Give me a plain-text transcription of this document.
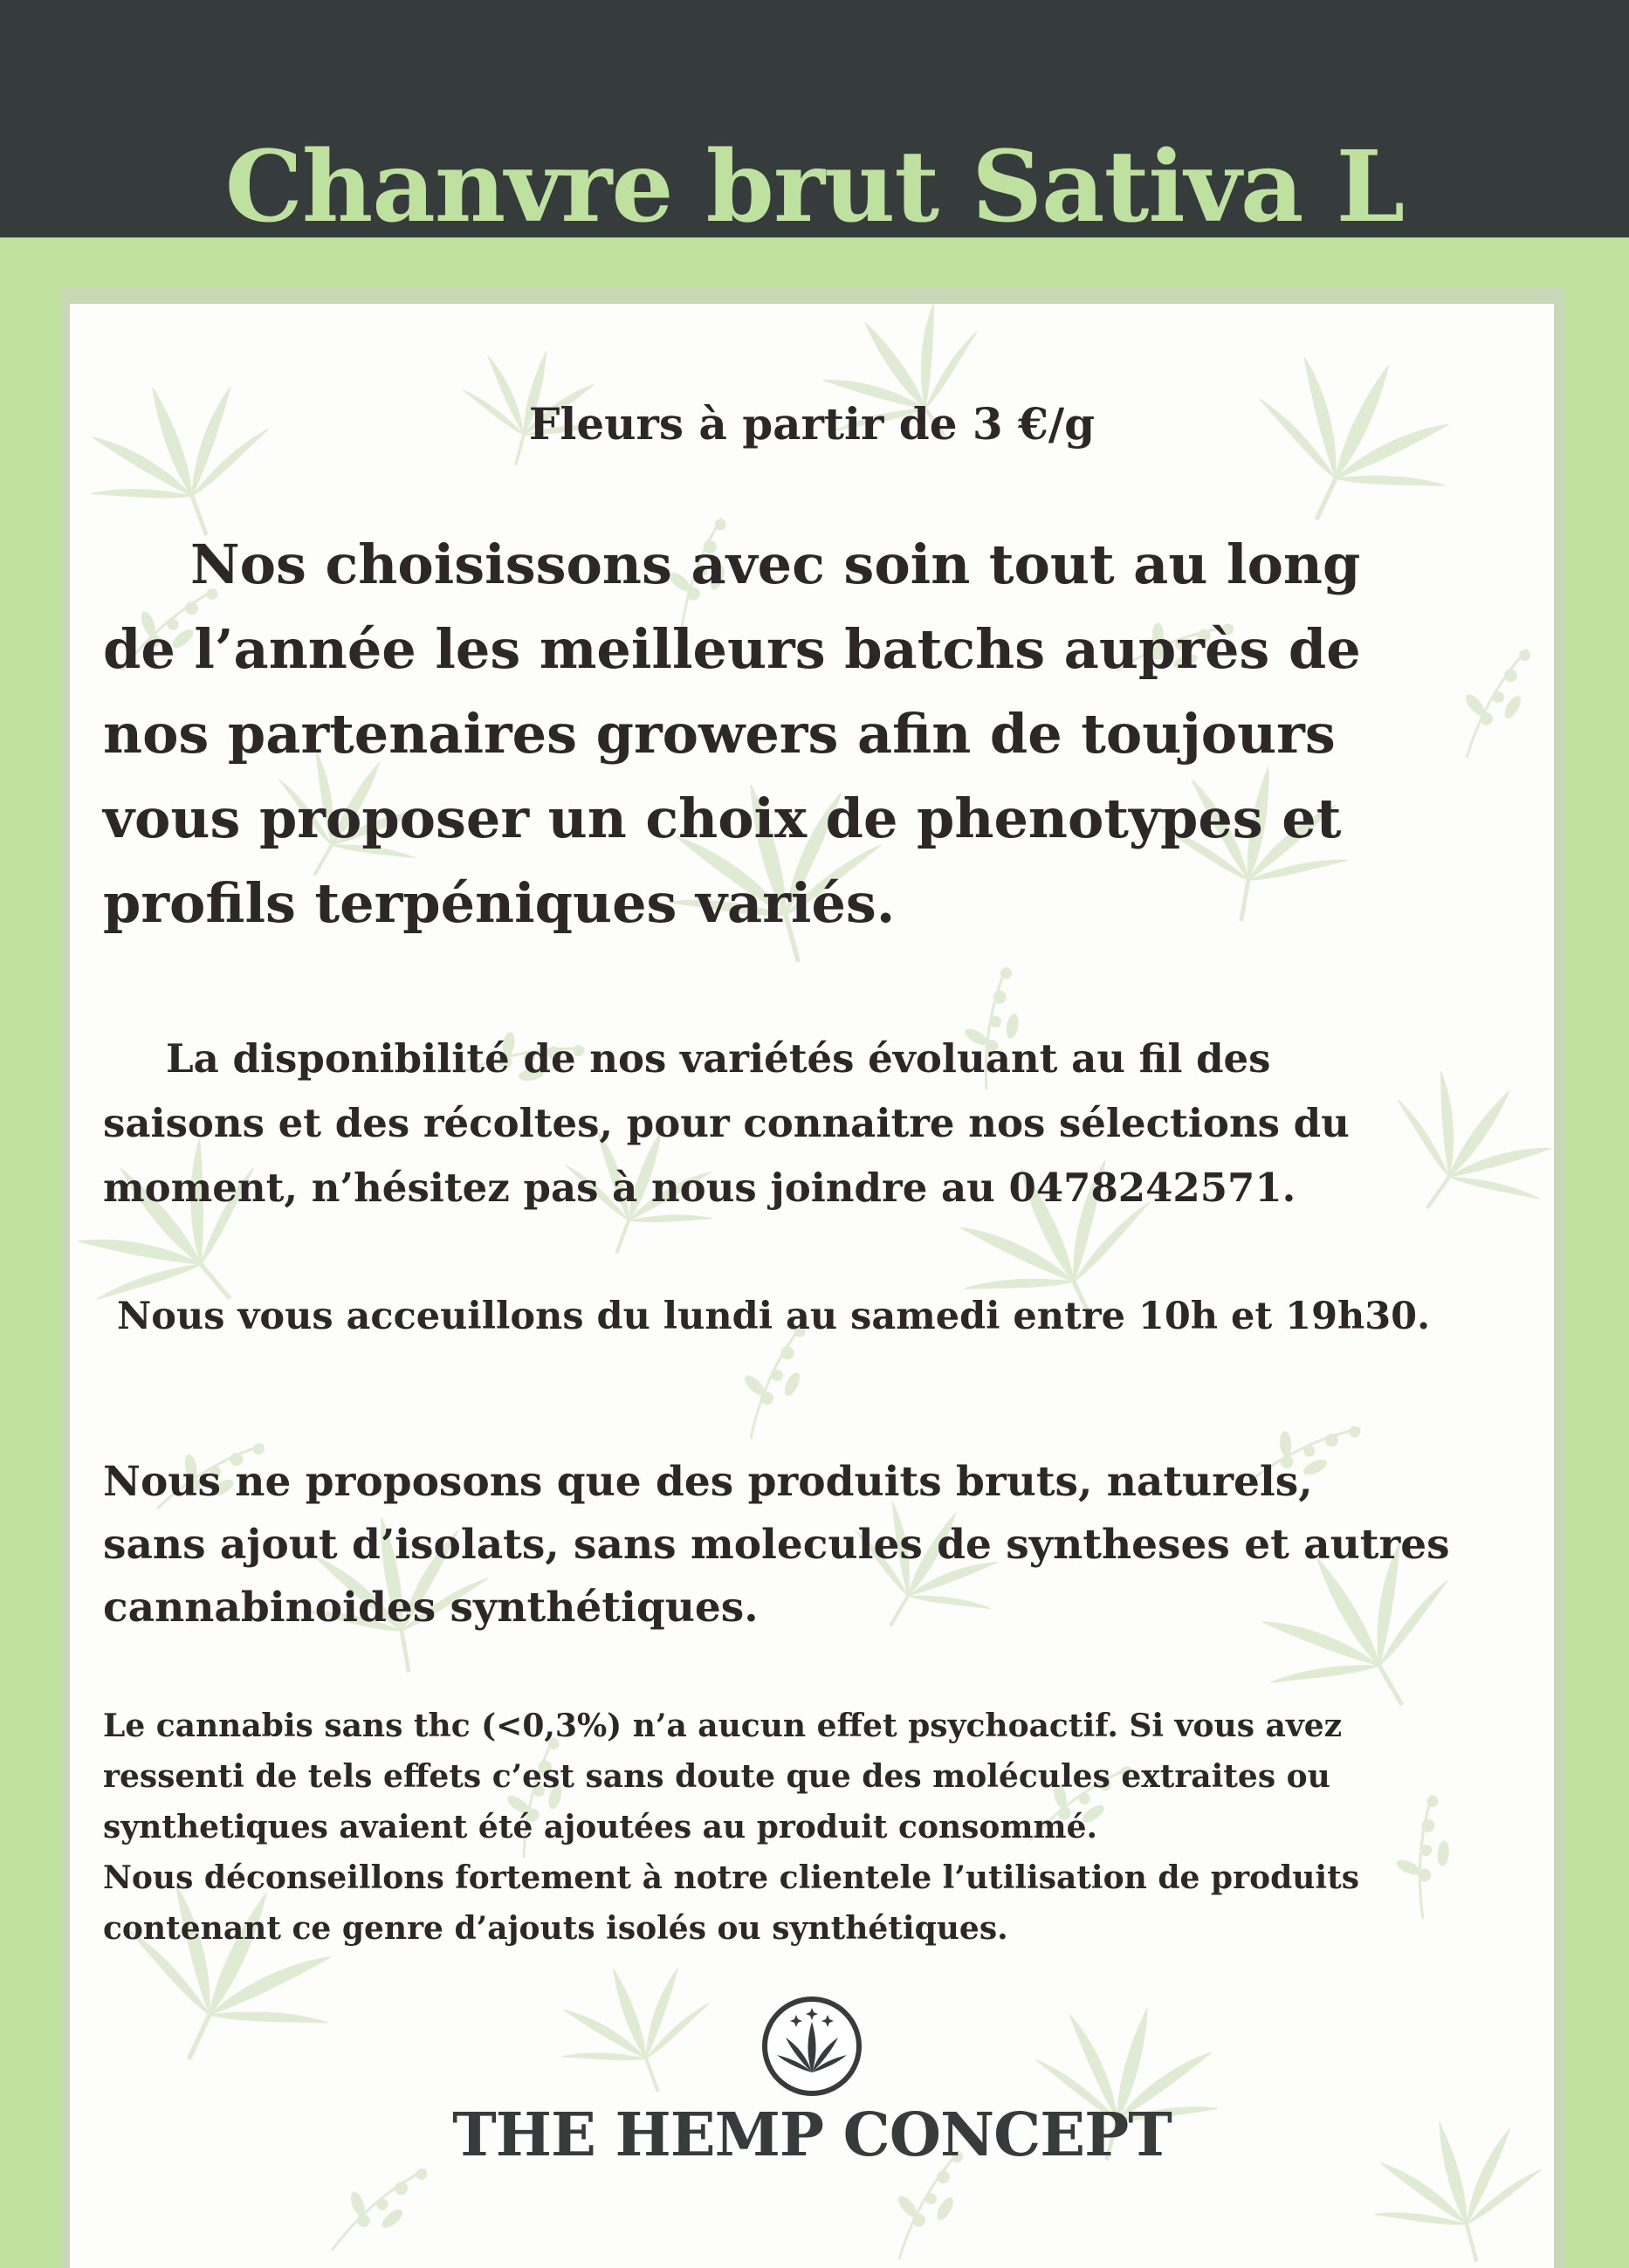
Chanvre brut Sativa L

Fleurs à partir de 3 €/g

Nos choisissons avec soin tout au long
de l’année les meilleurs batchs auprès de
nos partenaires growers afin de toujours
vous proposer un choix de phenotypes et
profils terpéniques variés.
La disponibilité de nos variétés évoluant au fil des
saisons et des récoltes, pour connaitre nos sélections du
moment, n’hésitez pas à nous joindre au 0478242571.

Nous vous acceuillons du lundi au samedi entre 10h et 19h30.

Nous ne proposons que des produits bruts, naturels,
sans ajout d’isolats, sans molecules de syntheses et autres
cannabinoides synthétiques.
Le cannabis sans thc (<0,3%) n’a aucun effet psychoactif. Si vous avez
ressenti de tels effets c’est sans doute que des molécules extraites ou
synthetiques avaient été ajoutées au produit consommé.
Nous déconseillons fortement à notre clientele l’utilisation de produits
contenant ce genre d’ajouts isolés ou synthétiques.

THE HEMP CONCEPT
